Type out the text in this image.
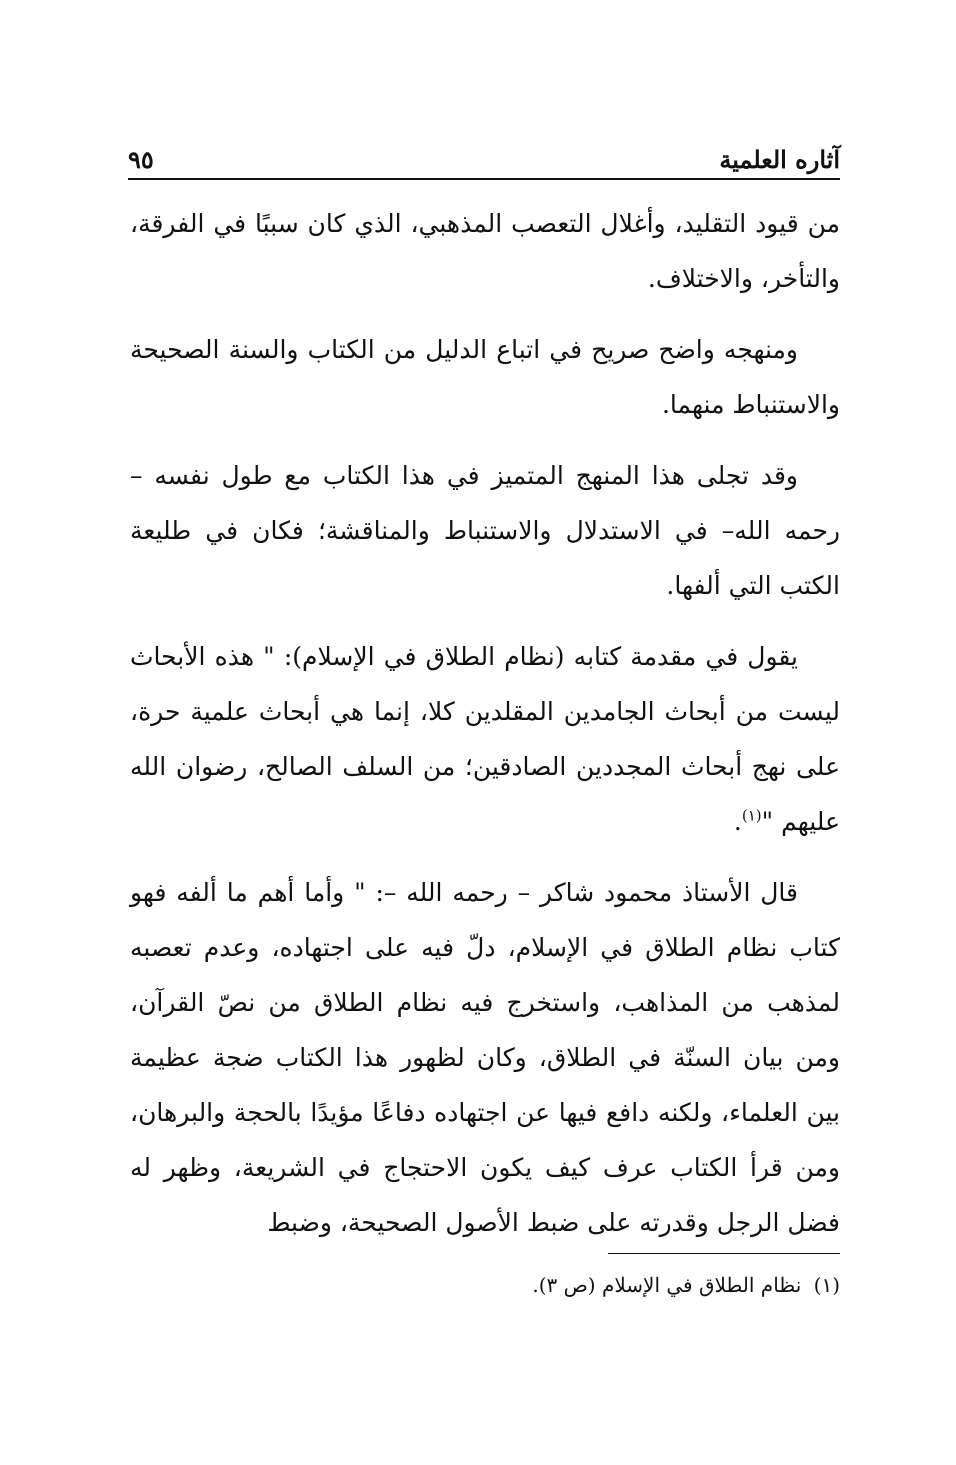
آثاره العلمية
٩٥

من قيود التقليد، وأغلال التعصب المذهبي، الذي كان سببًا في الفرقة، والتأخر، والاختلاف.

ومنهجه واضح صريح في اتباع الدليل من الكتاب والسنة الصحيحة والاستنباط منهما.

وقد تجلى هذا المنهج المتميز في هذا الكتاب مع طول نفسه – رحمه الله– في الاستدلال والاستنباط والمناقشة؛ فكان في طليعة الكتب التي ألفها.

يقول في مقدمة كتابه (نظام الطلاق في الإسلام): " هذه الأبحاث ليست من أبحاث الجامدين المقلدين كلا، إنما هي أبحاث علمية حرة، على نهج أبحاث المجددين الصادقين؛ من السلف الصالح، رضوان الله عليهم "$^{(١)}$.

قال الأستاذ محمود شاكر – رحمه الله –: " وأما أهم ما ألفه فهو كتاب نظام الطلاق في الإسلام، دلّ فيه على اجتهاده، وعدم تعصبه لمذهب من المذاهب، واستخرج فيه نظام الطلاق من نصّ القرآن، ومن بيان السنّة في الطلاق، وكان لظهور هذا الكتاب ضجة عظيمة بين العلماء، ولكنه دافع فيها عن اجتهاده دفاعًا مؤيدًا بالحجة والبرهان، ومن قرأ الكتاب عرف كيف يكون الاحتجاج في الشريعة، وظهر له فضل الرجل وقدرته على ضبط الأصول الصحيحة، وضبط

(١) نظام الطلاق في الإسلام (ص ٣).
